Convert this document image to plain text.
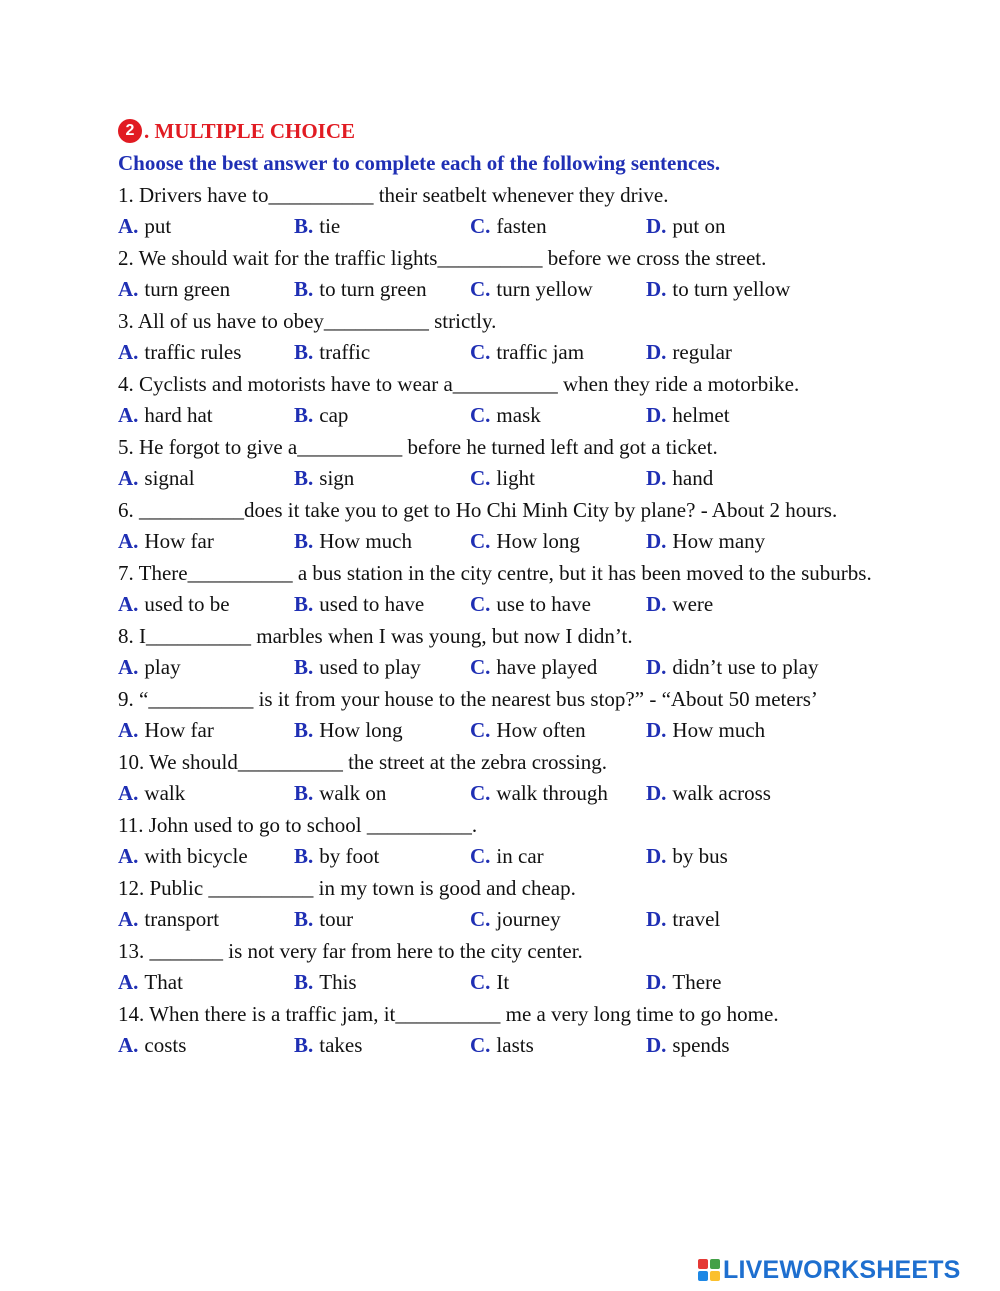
2 . MULTIPLE CHOICE
Choose the best answer to complete each of the following sentences.
1. Drivers have to__________ their seatbelt whenever they drive.
A. put	B. tie	C. fasten	D. put on
2. We should wait for the traffic lights__________ before we cross the street.
A. turn green	B. to turn green	C. turn yellow	D. to turn yellow
3. All of us have to obey__________ strictly.
A. traffic rules	B. traffic	C. traffic jam	D. regular
4. Cyclists and motorists have to wear a__________ when they ride a motorbike.
A. hard hat	B. cap	C. mask	D. helmet
5. He forgot to give a__________ before he turned left and got a ticket.
A. signal	B. sign	C. light	D. hand
6. __________does it take you to get to Ho Chi Minh City by plane? - About 2 hours.
A. How far	B. How much	C. How long	D. How many
7. There__________ a bus station in the city centre, but it has been moved to the suburbs.
A. used to be	B. used to have	C. use to have	D. were
8. I__________ marbles when I was young, but now I didn’t.
A. play	B. used to play	C. have played	D. didn’t use to play
9. “__________ is it from your house to the nearest bus stop?” - “About 50 meters’
A. How far	B. How long	C. How often	D. How much
10. We should__________ the street at the zebra crossing.
A. walk	B. walk on	C. walk through	D. walk across
11. John used to go to school __________.
A. with bicycle	B. by foot	C. in car	D. by bus
12. Public __________ in my town is good and cheap.
A. transport	B. tour	C. journey	D. travel
13. _______ is not very far from here to the city center.
A. That	B. This	C. It	D. There
14. When there is a traffic jam, it__________ me a very long time to go home.
A. costs	B. takes	C. lasts	D. spends
LIVEWORKSHEETS
